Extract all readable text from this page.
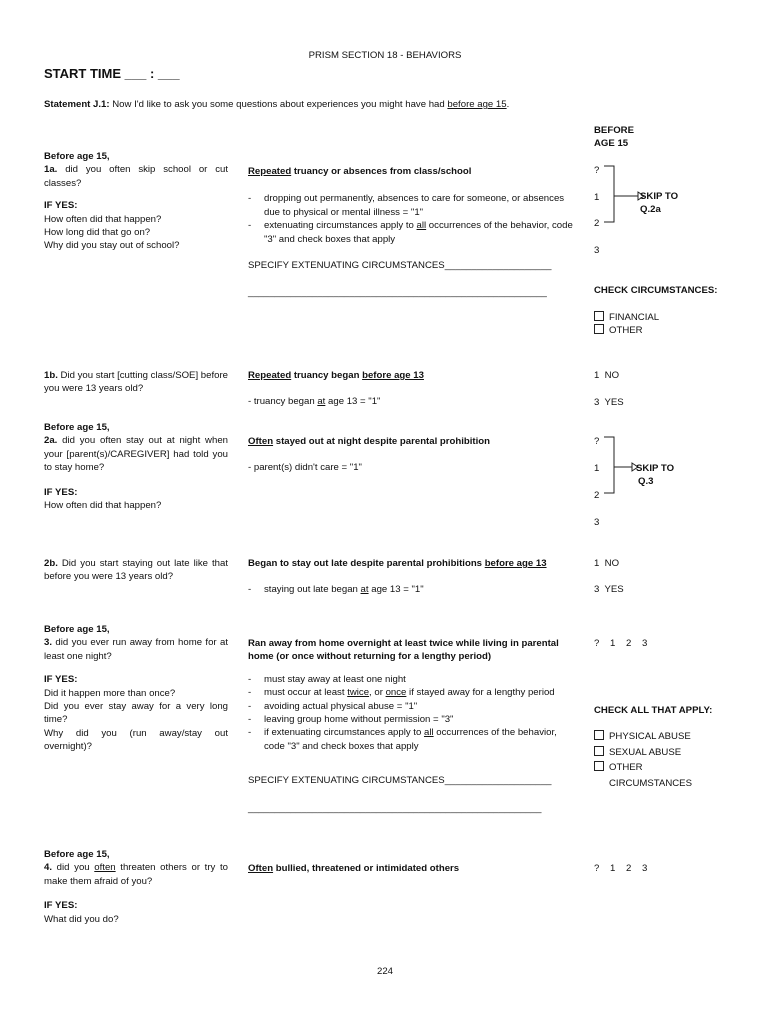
PRISM SECTION 18 - BEHAVIORS
START TIME ___ : ___
Statement J.1: Now I'd like to ask you some questions about experiences you might have had before age 15.
BEFORE
AGE 15
Before age 15,
1a. did you often skip school or cut classes?
IF YES:
How often did that happen?
How long did that go on?
Why did you stay out of school?
Repeated truancy or absences from class/school
- dropping out permanently, absences to care for someone, or absences due to physical or mental illness = "1"
- extenuating circumstances apply to all occurrences of the behavior, code "3" and check boxes that apply
SPECIFY EXTENUATING CIRCUMSTANCES____________________
________________________________________________________
?
1
2
3
SKIP TO
Q.2a
CHECK CIRCUMSTANCES:
FINANCIAL
OTHER
1b. Did you start [cutting class/SOE] before you were 13 years old?
Repeated truancy began before age 13
- truancy began at age 13 = "1"
1  NO
3  YES
Before age 15,
2a. did you often stay out at night when your [parent(s)/CAREGIVER] had told you to stay home?
IF YES:
How often did that happen?
Often stayed out at night despite parental prohibition
- parent(s) didn't care = "1"
?
1
2
3
SKIP TO
Q.3
2b. Did you start staying out late like that before you were 13 years old?
Began to stay out late despite parental prohibitions before age 13
- staying out late began at age 13 = "1"
1  NO
3  YES
Before age 15,
3. did you ever run away from home for at least one night?
IF YES:
Did it happen more than once?
Did you ever stay away for a very long time?
Why did you (run away/stay out overnight)?
Ran away from home overnight at least twice while living in parental home (or once without returning for a lengthy period)
- must stay away at least one night
- must occur at least twice, or once if stayed away for a lengthy period
- avoiding actual physical abuse = "1"
- leaving group home without permission = "3"
- if extenuating circumstances apply to all occurrences of the behavior, code "3" and check boxes that apply
SPECIFY EXTENUATING CIRCUMSTANCES____________________
_______________________________________________________
?    1    2    3
CHECK ALL THAT APPLY:
PHYSICAL ABUSE
SEXUAL ABUSE
OTHER
CIRCUMSTANCES
Before age 15,
4. did you often threaten others or try to make them afraid of you?
IF YES:
What did you do?
Often bullied, threatened or intimidated others	?    1    2    3
224
